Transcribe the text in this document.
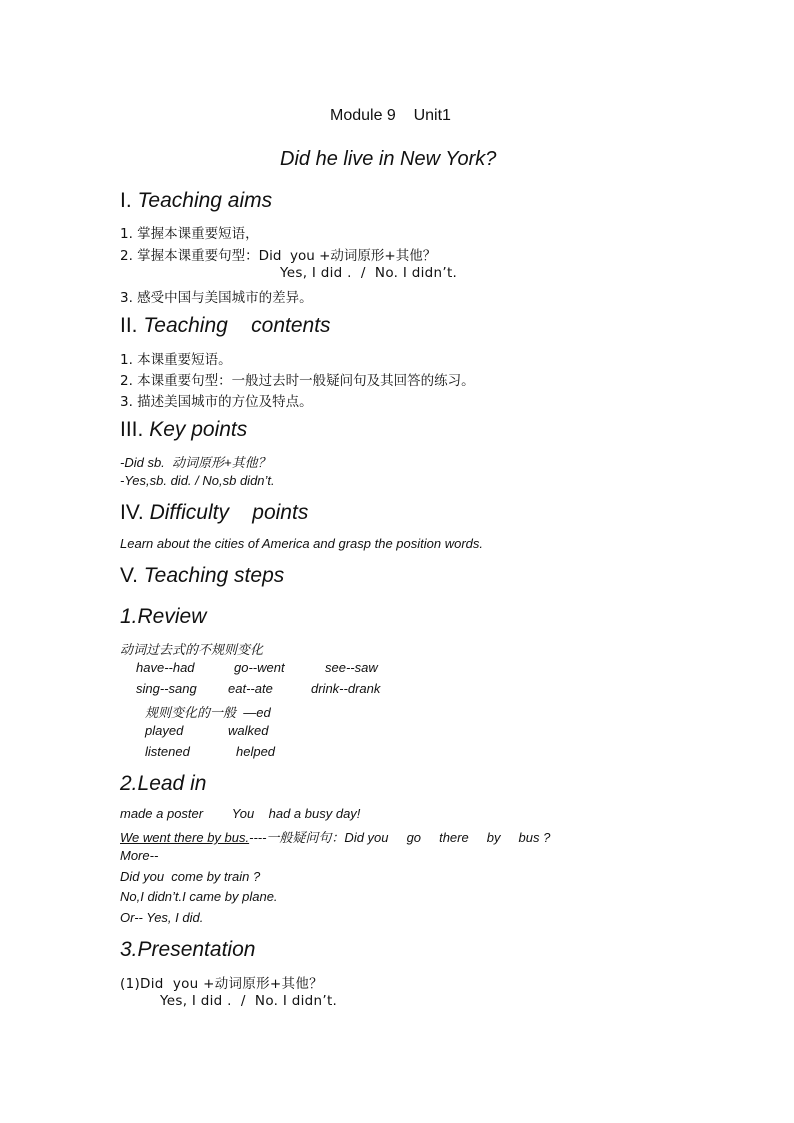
Module 9    Unit1
Did he live in New York?
I. Teaching aims
1. 掌握本课重要短语，
2. 掌握本课重要句型：Did  you +动词原形+其他？
Yes, I did .  /  No. I didn’t.
3. 感受中国与美国城市的差异。
II. Teaching    contents
1. 本课重要短语。
2. 本课重要句型：一般过去时一般疑问句及其回答的练习。
3. 描述美国城市的方位及特点。
III. Key points
-Did sb.  动词原形+其他？
-Yes,sb. did. / No,sb didn’t.
IV. Difficulty    points
Learn about the cities of America and grasp the position words.
V. Teaching steps
1.Review
动词过去式的不规则变化
have--had	go--went	see--saw
sing--sang eat--ate	drink--drank
规则变化的一般  —ed
played	walked
listened	helped
2.Lead in
made a poster        You    had a busy day!
We went there by bus.----一般疑问句：Did you     go     there     by     bus ?
More--
Did you  come by train ?
No,I didn’t.I came by plane.
Or-- Yes, I did.
3.Presentation
(1)Did  you +动词原形+其他？
Yes, I did .  /  No. I didn’t.
